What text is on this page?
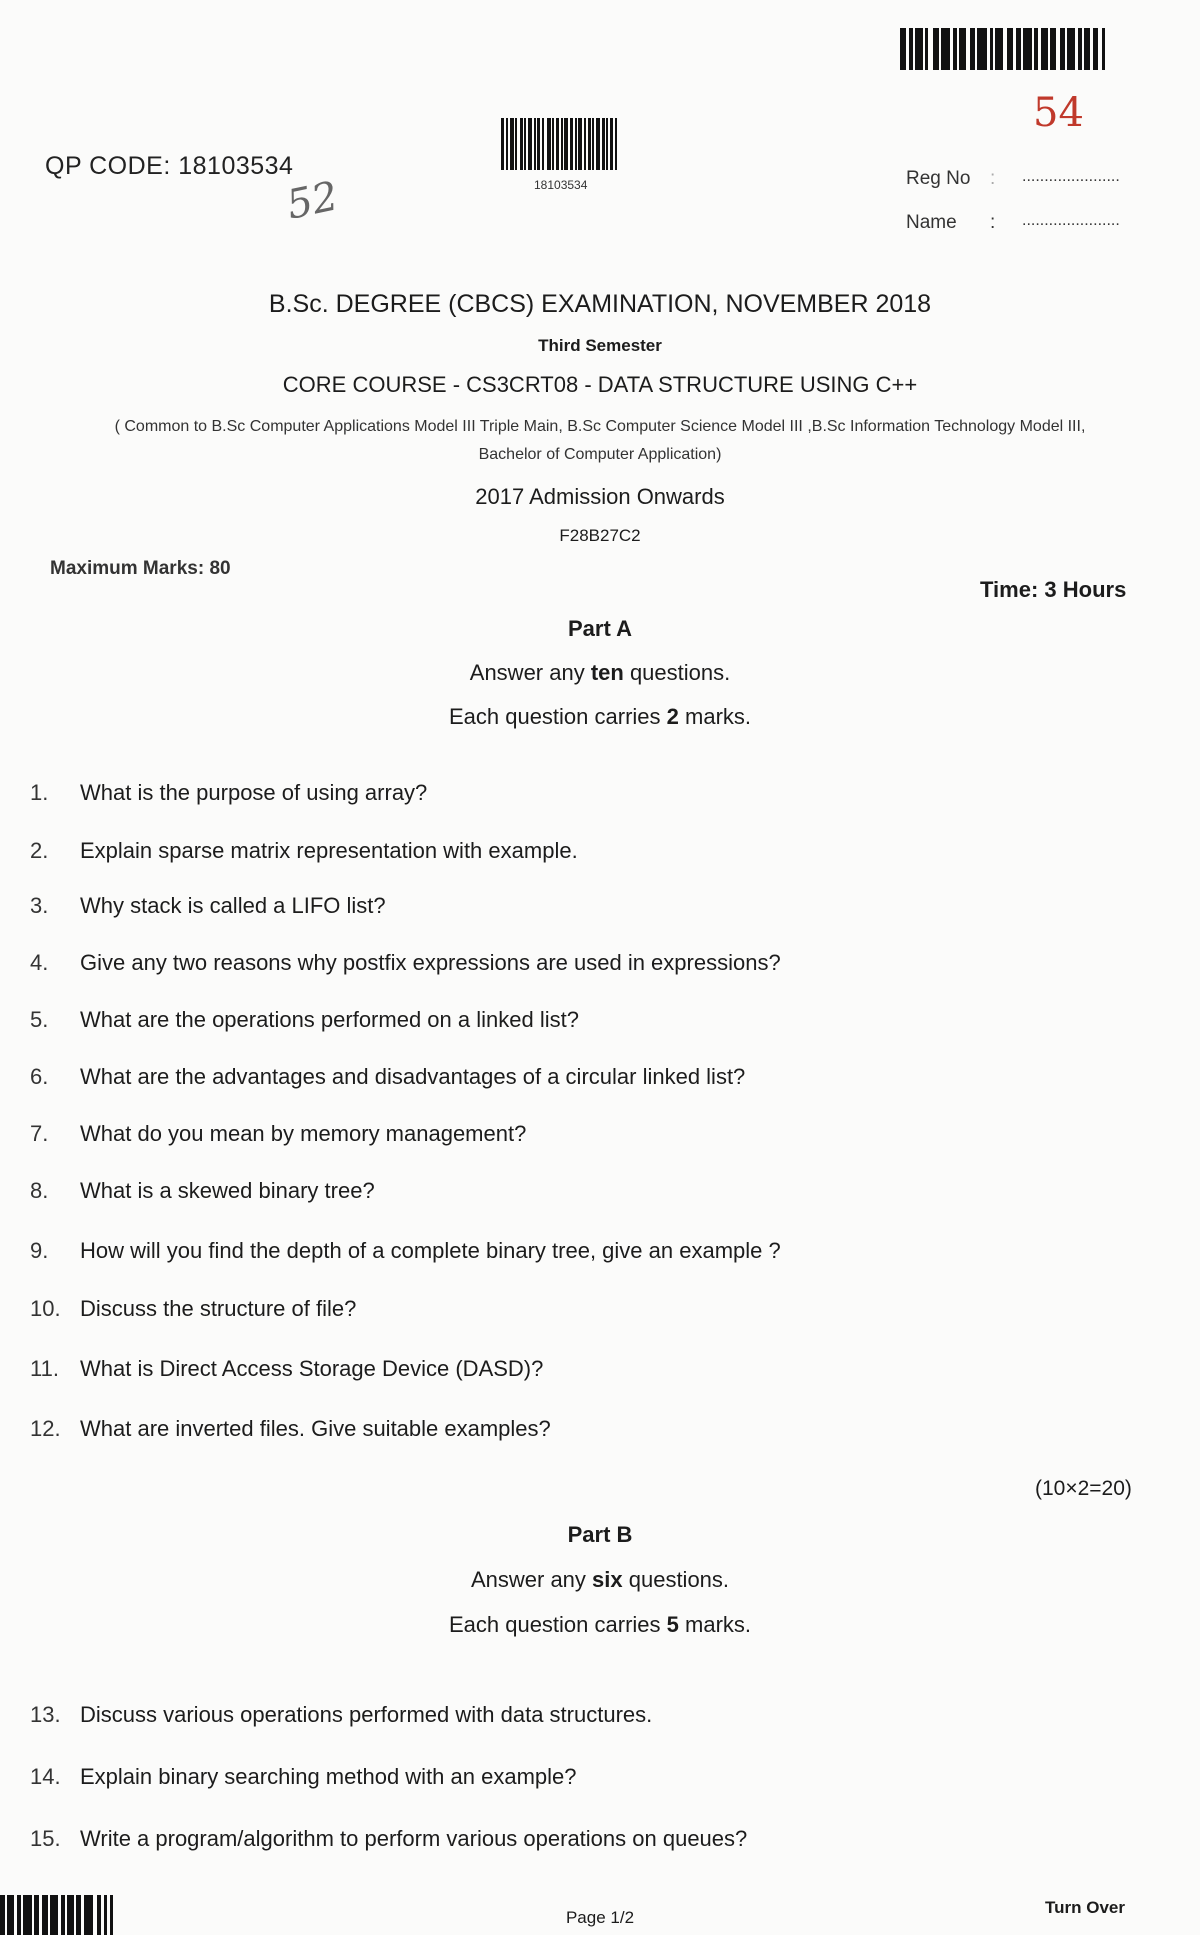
54
52
QP CODE: 18103534
18103534	Reg No : ......................
Name : ......................
B.Sc. DEGREE (CBCS) EXAMINATION, NOVEMBER 2018
Third Semester
CORE COURSE - CS3CRT08 - DATA STRUCTURE USING C++
( Common to B.Sc Computer Applications Model III Triple Main, B.Sc Computer Science Model III ,B.Sc Information Technology Model III,
Bachelor of Computer Application)
2017 Admission Onwards
F28B27C2
Maximum Marks: 80
Time: 3 Hours
Part A
Answer any ten questions.
Each question carries 2 marks.
1.	What is the purpose of using array?
2.	Explain sparse matrix representation with example.
3.	Why stack is called a LIFO list?
4.	Give any two reasons why postfix expressions are used in expressions?
5.	What are the operations performed on a linked list?
6.	What are the advantages and disadvantages of a circular linked list?
7.	What do you mean by memory management?
8.	What is a skewed binary tree?
9.	How will you find the depth of a complete binary tree, give an example ?
10. Discuss the structure of file?
11. What is Direct Access Storage Device (DASD)?
12. What are inverted files. Give suitable examples?
(10×2=20)
Part B
Answer any six questions.
Each question carries 5 marks.
13. Discuss various operations performed with data structures.
14. Explain binary searching method with an example?
15. Write a program/algorithm to perform various operations on queues?
Page 1/2
Turn Over
